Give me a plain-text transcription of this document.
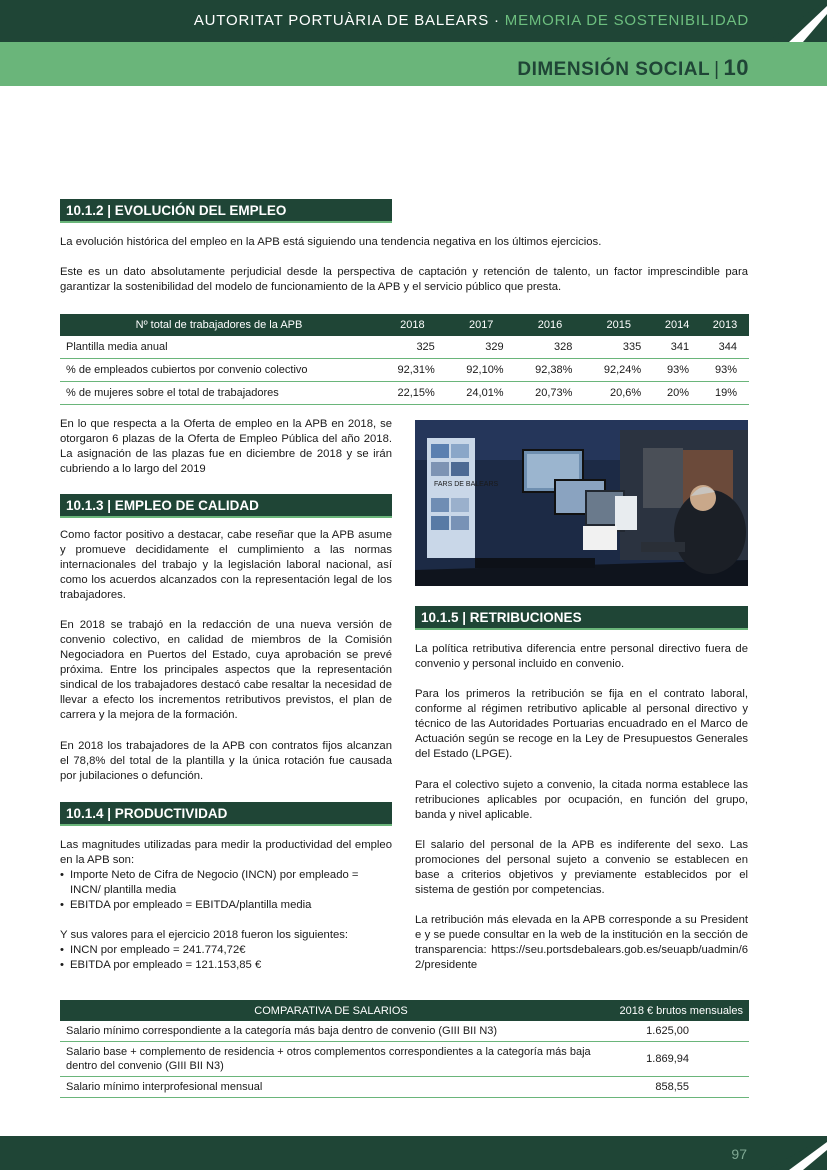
AUTORITAT PORTUÀRIA DE BALEARS · MEMORIA DE SOSTENIBILIDAD
DIMENSIÓN SOCIAL | 10
10.1.2 | EVOLUCIÓN DEL EMPLEO

La evolución histórica del empleo en la APB está siguiendo una tendencia negativa en los últimos ejercicios.

Este es un dato absolutamente perjudicial desde la perspectiva de captación y retención de talento, un factor imprescindible para garantizar la sostenibilidad del modelo de funcionamiento de la APB y el servicio público que presta.

Nº total de trabajadores de la APB	2018	2017	2016	2015	2014	2013
Plantilla media anual	325	329	328	335	341	344
% de empleados cubiertos por convenio colectivo	92,31%	92,10%	92,38%	92,24%	93%	93%
% de mujeres sobre el total de trabajadores	22,15%	24,01%	20,73%	20,6%	20%	19%

En lo que respecta a la Oferta de empleo en la APB en 2018, se otorgaron 6 plazas de la Oferta de Empleo Pública del año 2018. La asignación de las plazas fue en diciembre de 2018 y se irán cubriendo a lo largo del 2019

10.1.3 | EMPLEO DE CALIDAD

Como factor positivo a destacar, cabe reseñar que la APB asume y promueve decididamente el cumplimiento a las normas internacionales del trabajo y la legislación laboral nacional, así como los acuerdos alcanzados con la representación legal de los trabajadores.

En 2018 se trabajó en la redacción de una nueva versión de convenio colectivo, en calidad de miembros de la Comisión Negociadora en Puertos del Estado, cuya aprobación se prevé próxima. Entre los principales aspectos que la representación sindical de los trabajadores destacó cabe resaltar la necesidad de llevar a efecto los incrementos retributivos previstos, el plan de carrera y la mejora de la formación.

En 2018 los trabajadores de la APB con contratos fijos alcanzan el 78,8% del total de la plantilla y la única rotación fue causada por jubilaciones o defunción.

10.1.4 | PRODUCTIVIDAD

Las magnitudes utilizadas para medir la productividad del empleo en la APB son:

• Importe Neto de Cifra de Negocio (INCN) por empleado = INCN/ plantilla media
• EBITDA por empleado = EBITDA/plantilla media

Y sus valores para el ejercicio 2018 fueron los siguientes:

• INCN por empleado = 241.774,72€
• EBITDA por empleado = 121.153,85 €
FARS DE BALEARS
10.1.5 | RETRIBUCIONES

La política retributiva diferencia entre personal directivo fuera de convenio y personal incluido en convenio.

Para los primeros la retribución se fija en el contrato laboral, conforme al régimen retributivo aplicable al personal directivo y técnico de las Autoridades Portuarias encuadrado en el Marco de Actuación según se recoge en la Ley de Presupuestos Generales del Estado (LPGE).

Para el colectivo sujeto a convenio, la citada norma establece las retribuciones aplicables por ocupación, en función del grupo, banda y nivel aplicable.

El salario del personal de la APB es indiferente del sexo. Las promociones del personal sujeto a convenio se establecen en base a criterios objetivos y previamente establecidos por el sistema de gestión por competencias.

La retribución más elevada en la APB corresponde a su Presidente y se puede consultar en la web de la institución en la sección de transparencia: https://seu.portsdebalears.gob.es/seuapb/uadmin/62/presidente

COMPARATIVA DE SALARIOS	2018 € brutos mensuales
Salario mínimo correspondiente a la categoría más baja dentro de convenio (GIII BII N3)	1.625,00
Salario base + complemento de residencia + otros complementos correspondientes a la categoría más baja dentro del convenio (GIII BII N3)	1.869,94
Salario mínimo interprofesional mensual	858,55
97
